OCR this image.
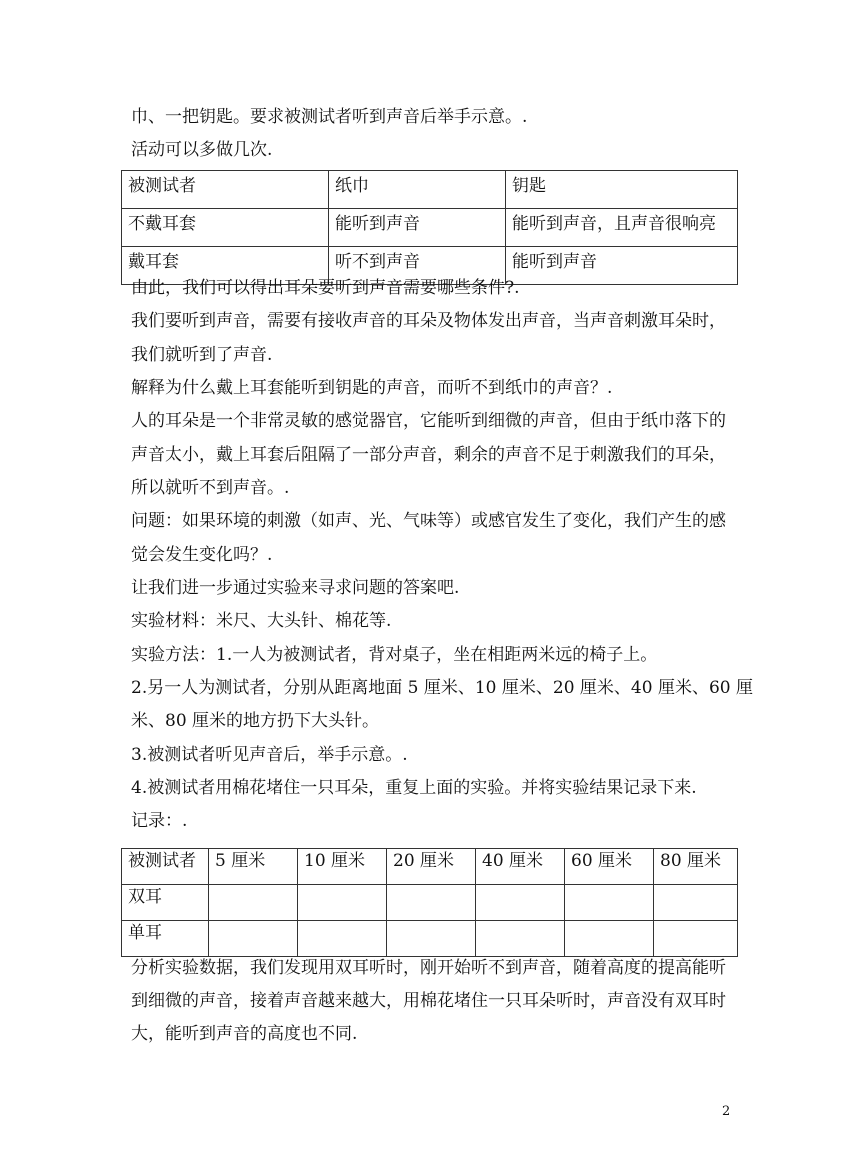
巾、一把钥匙。要求被测试者听到声音后举手示意。.
活动可以多做几次.
被测试者	纸巾	钥匙
不戴耳套	能听到声音	能听到声音，且声音很响亮
戴耳套	听不到声音	能听到声音
由此，我们可以得出耳朵要听到声音需要哪些条件?.
我们要听到声音，需要有接收声音的耳朵及物体发出声音，当声音刺激耳朵时，
我们就听到了声音.
解释为什么戴上耳套能听到钥匙的声音，而听不到纸巾的声音？.
人的耳朵是一个非常灵敏的感觉器官，它能听到细微的声音，但由于纸巾落下的
声音太小，戴上耳套后阻隔了一部分声音，剩余的声音不足于刺激我们的耳朵，
所以就听不到声音。.
问题：如果环境的刺激（如声、光、气味等）或感官发生了变化，我们产生的感
觉会发生变化吗？.
让我们进一步通过实验来寻求问题的答案吧.
实验材料：米尺、大头针、棉花等.
实验方法：1.一人为被测试者，背对桌子，坐在相距两米远的椅子上。
2.另一人为测试者，分别从距离地面 5 厘米、10 厘米、20 厘米、40 厘米、60 厘
米、80 厘米的地方扔下大头针。
3.被测试者听见声音后，举手示意。.
4.被测试者用棉花堵住一只耳朵，重复上面的实验。并将实验结果记录下来.
记录：.
被测试者	5 厘米	10 厘米	20 厘米	40 厘米	60 厘米	80 厘米
双耳						
单耳						
分析实验数据，我们发现用双耳听时，刚开始听不到声音，随着高度的提高能听
到细微的声音，接着声音越来越大，用棉花堵住一只耳朵听时，声音没有双耳时
大，能听到声音的高度也不同.
2
